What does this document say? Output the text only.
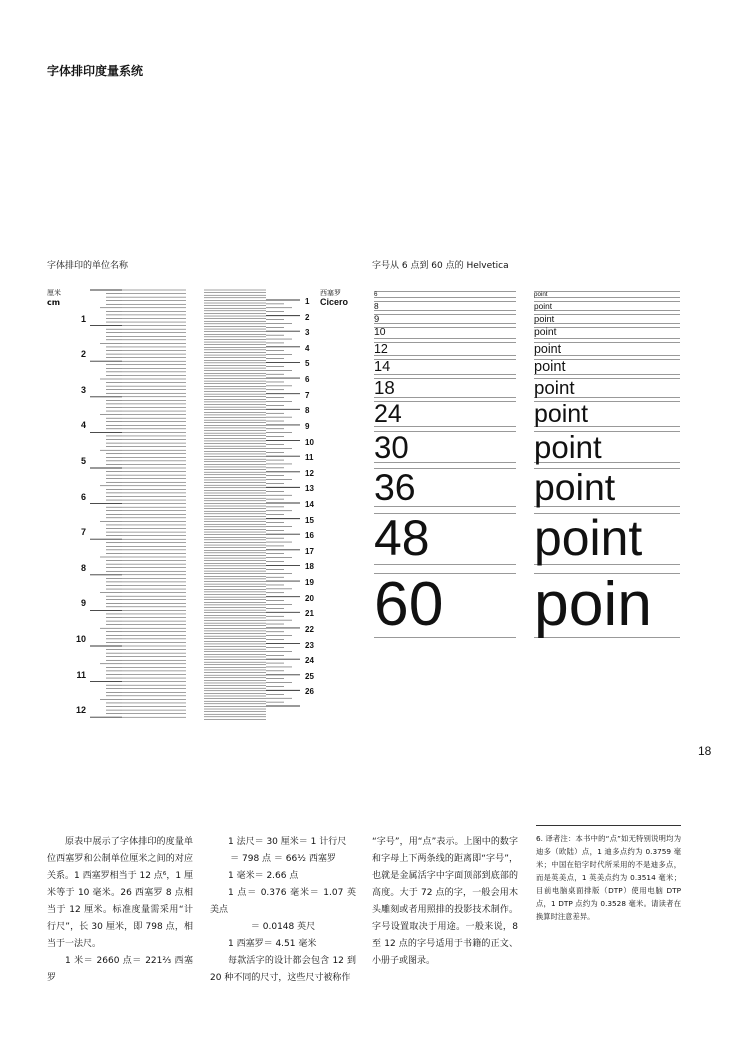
字体排印度量系统
字体排印的单位名称	字号从 6 点到 60 点的 Helvetica
厘米
cm
西塞罗
1
2
3
4
5
6
7
8
9
10
11
12
Cicero
1
2
3
4
5
6
7
8
9
10
11
12
13
14
15
16
17
18
19
20
21
22
23
24
25
26
6	point
8	point
9	point
10	point
12	point
14	point
18	point
24	point
30	point
36	point
48 point
60 poin
18

原表中展示了字体排印的度量单位西塞罗和公制单位厘米之间的对应关系。1 西塞罗相当于 12 点⁶，1 厘米等于 10 毫米。26 西塞罗 8 点相当于 12 厘米。标准度量需采用“计行尺”，长 30 厘米，即 798 点，相当于一法尺。

1 米＝ 2660 点＝ 221⅔ 西塞罗

1 法尺＝ 30 厘米＝ 1 计行尺

＝ 798 点 ＝ 66½ 西塞罗

1 毫米＝ 2.66 点

1 点＝ 0.376 毫米＝ 1.07 英美点

＝ 0.0148 英尺

1 西塞罗＝ 4.51 毫米

每款活字的设计都会包含 12 到 20 种不同的尺寸，这些尺寸被称作

“字号”，用“点”表示。上图中的数字和字母上下两条线的距离即“字号”，也就是金属活字中字面顶部到底部的高度。大于 72 点的字，一般会用木头雕刻或者用照排的投影技术制作。字号设置取决于用途。一般来说，8 至 12 点的字号适用于书籍的正文、小册子或图录。

6. 译者注：本书中的“点”如无特别说明均为迪多（欧陆）点，1 迪多点约为 0.3759 毫米；中国在铅字时代所采用的不是迪多点，而是英美点，1 英美点约为 0.3514 毫米；目前电脑桌面排版（DTP）使用电脑 DTP 点，1 DTP 点约为 0.3528 毫米。请读者在换算时注意差异。
